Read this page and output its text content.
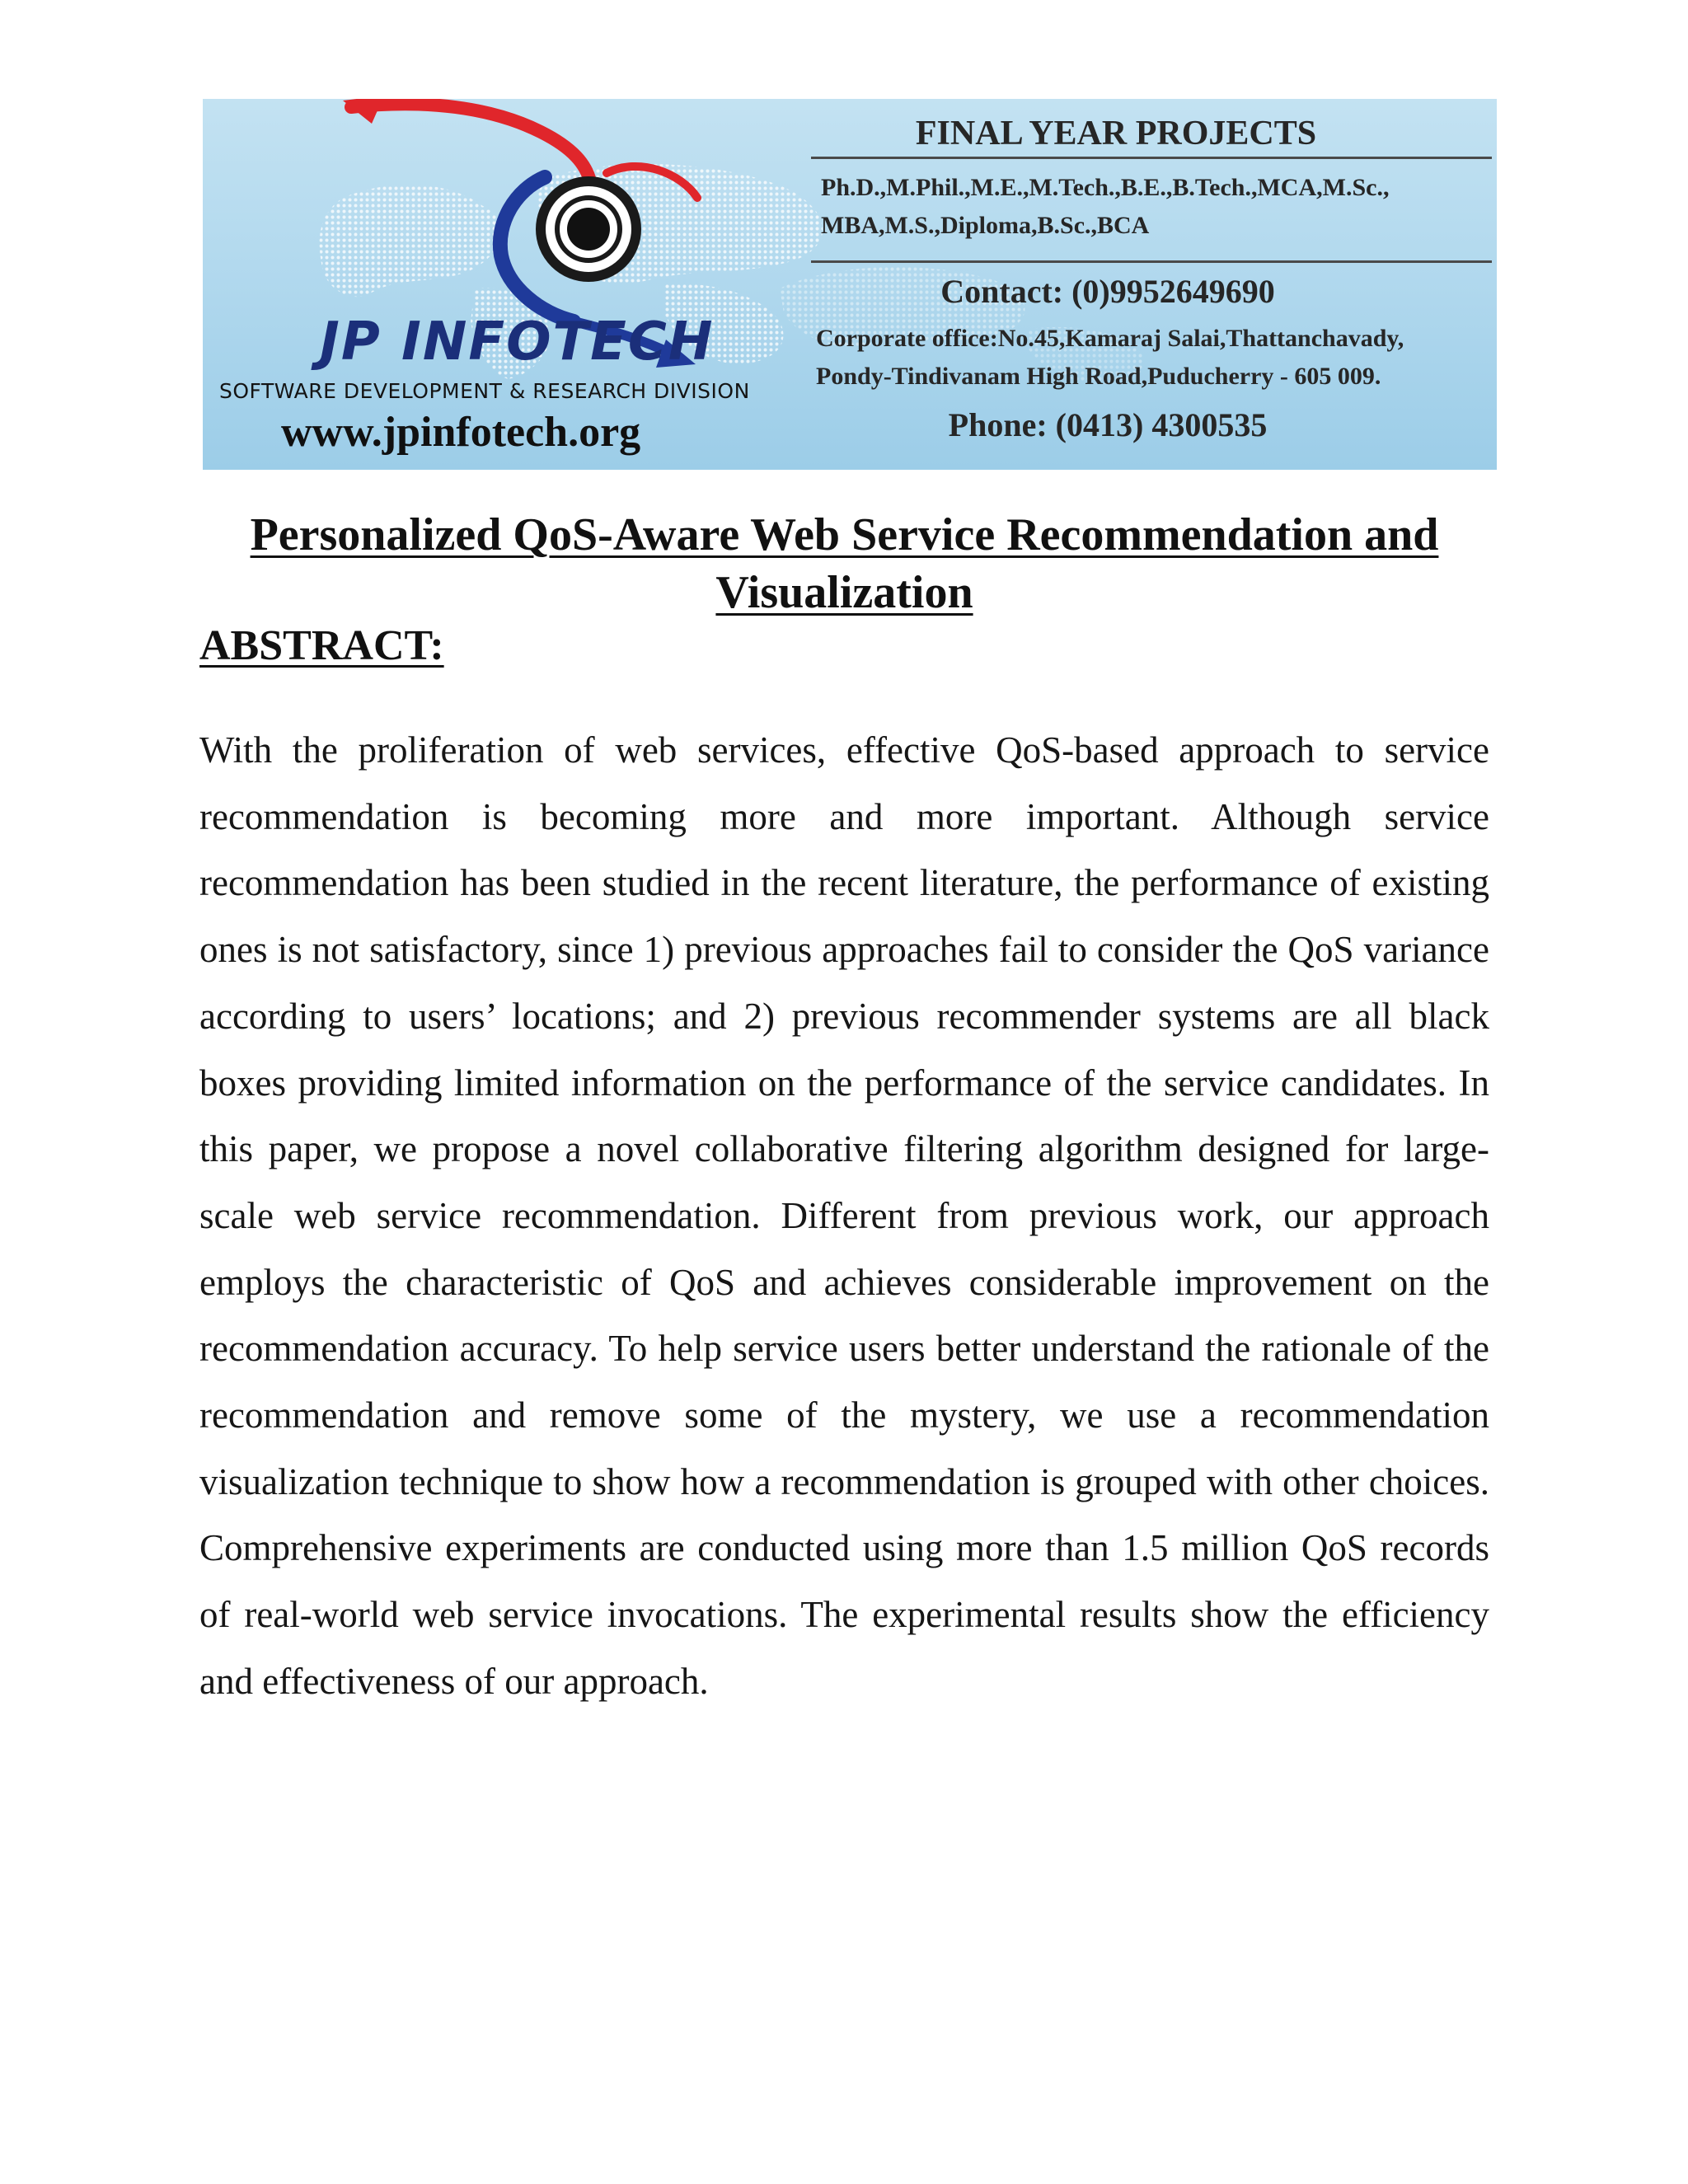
JP INFOTECH
SOFTWARE DEVELOPMENT & RESEARCH DIVISION
www.jpinfotech.org
FINAL YEAR PROJECTS
Ph.D.,M.Phil.,M.E.,M.Tech.,B.E.,B.Tech.,MCA,M.Sc.,
MBA,M.S.,Diploma,B.Sc.,BCA
Contact: (0)9952649690
Corporate office:No.45,Kamaraj Salai,Thattanchavady,
Pondy-Tindivanam High Road,Puducherry - 605 009.
Phone: (0413) 4300535
Personalized QoS-Aware Web Service Recommendation and Visualization
ABSTRACT:

With the proliferation of web services, effective QoS-based approach to service recommendation is becoming more and more important. Although service recommendation has been studied in the recent literature, the performance of existing ones is not satisfactory, since 1) previous approaches fail to consider the QoS variance according to users’ locations; and 2) previous recommender systems are all black boxes providing limited information on the performance of the service candidates. In this paper, we propose a novel collaborative filtering algorithm designed for large-scale web service recommendation. Different from previous work, our approach employs the characteristic of QoS and achieves considerable improvement on the recommendation accuracy. To help service users better understand the rationale of the recommendation and remove some of the mystery, we use a recommendation visualization technique to show how a recommendation is grouped with other choices. Comprehensive experiments are conducted using more than 1.5 million QoS records of real-world web service invocations. The experimental results show the efficiency and effectiveness of our approach.
